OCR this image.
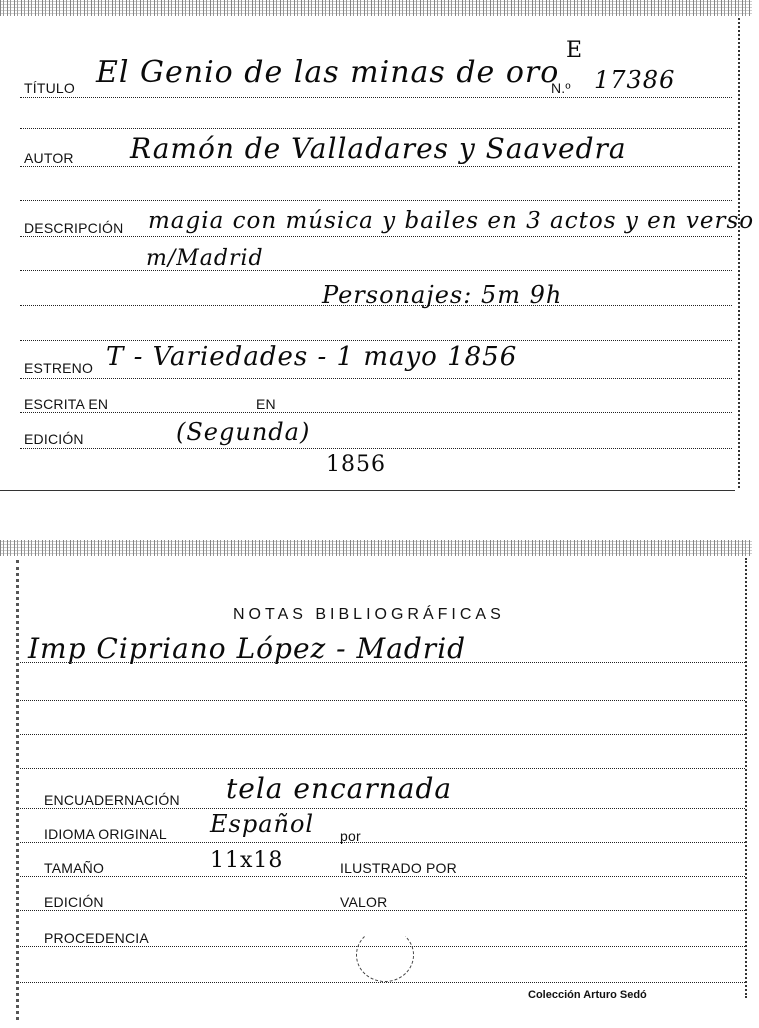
TÍTULO El Genio de las minas de oro
N.º 17386
E
AUTOR Ramón de Valladares y Saavedra
DESCRIPCIÓN magia con música y bailes en 3 actos y en verso
m/Madrid
Personajes: 5m 9h
ESTRENO T - Variedades - 1 mayo 1856
ESCRITA EN	EN
EDICIÓN	(Segunda)
1856
NOTAS BIBLIOGRÁFICAS
Imp Cipriano López - Madrid
ENCUADERNACIÓN tela encarnada
IDIOMA ORIGINAL Español por
TAMAÑO	11x18	ILUSTRADO POR
EDICIÓN	VALOR
PROCEDENCIA
Colección Arturo Sedó
